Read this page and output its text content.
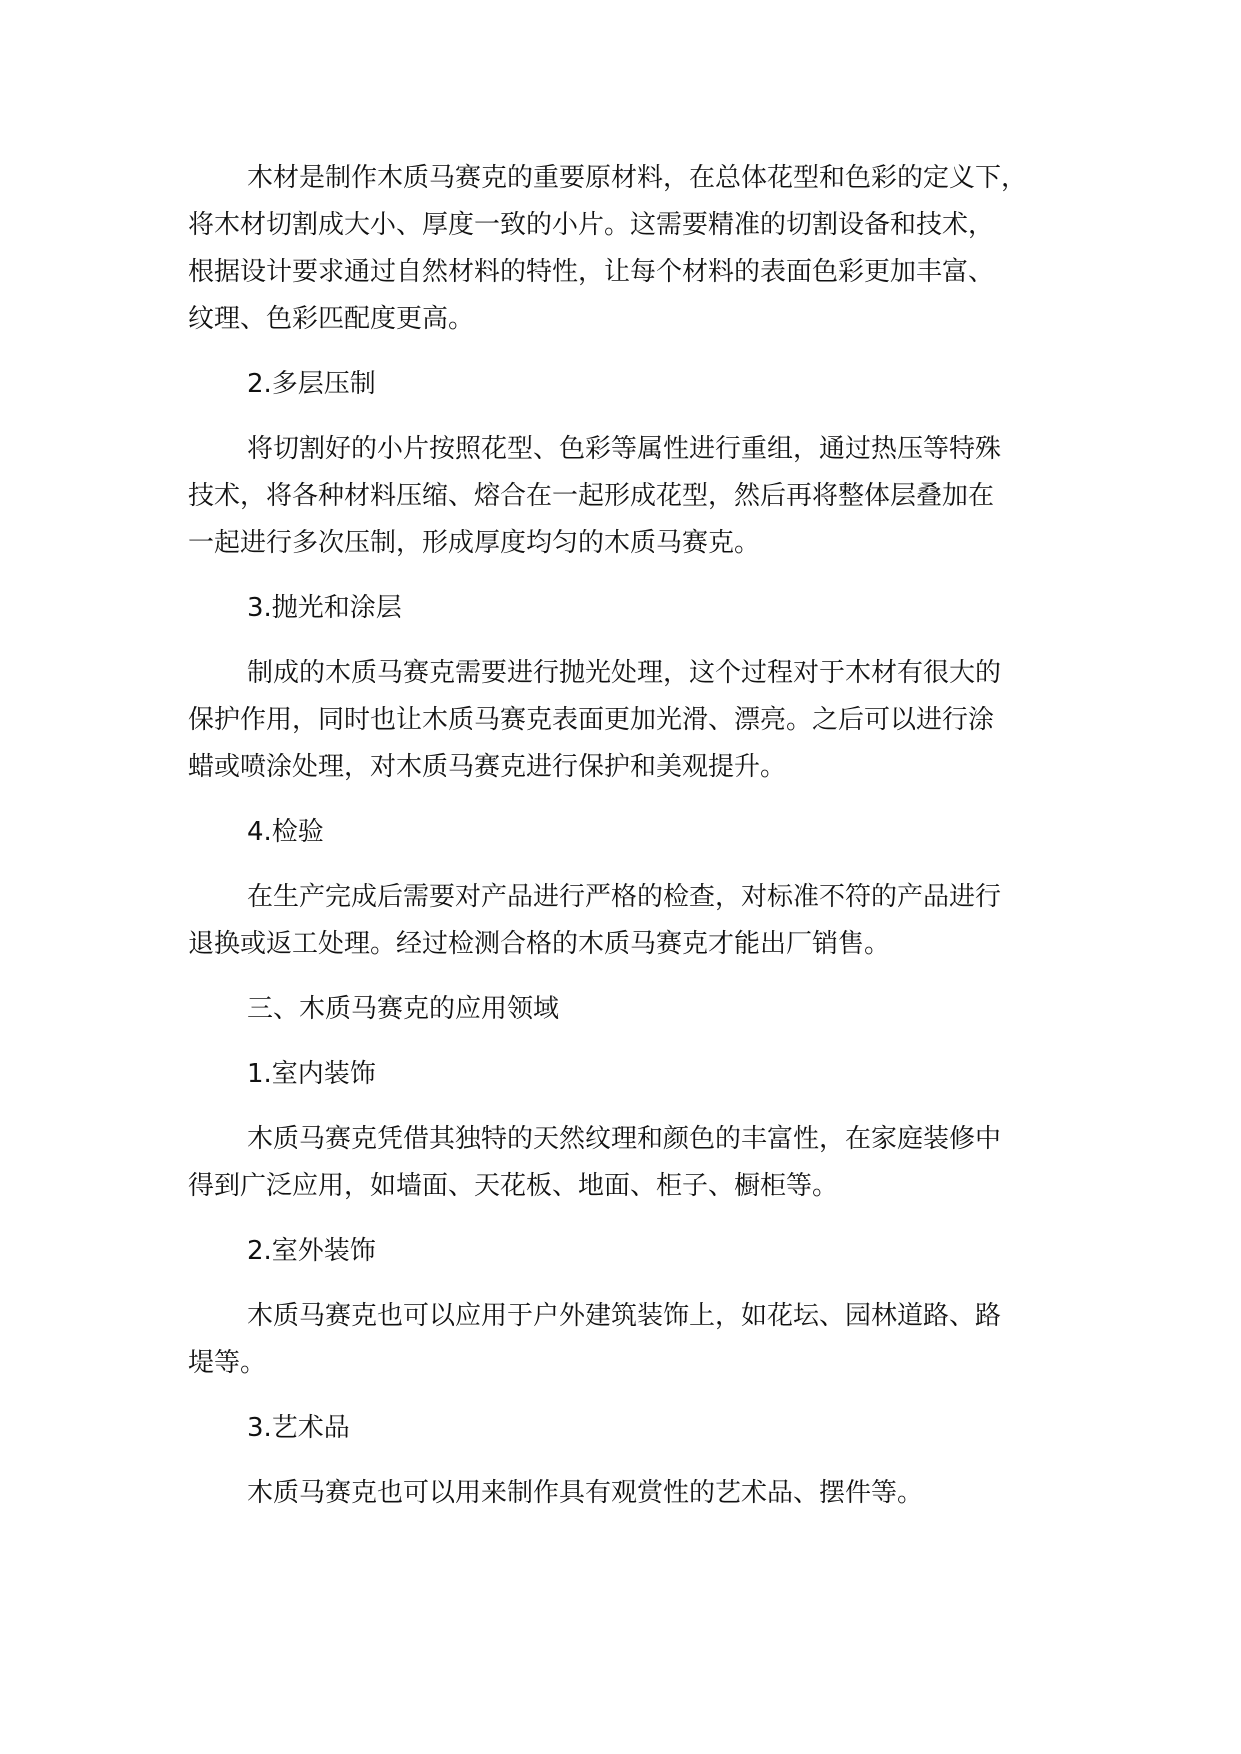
木材是制作木质马赛克的重要原材料，在总体花型和色彩的定义下，

将木材切割成大小、厚度一致的小片。这需要精准的切割设备和技术，

根据设计要求通过自然材料的特性，让每个材料的表面色彩更加丰富、

纹理、色彩匹配度更高。

2.多层压制

将切割好的小片按照花型、色彩等属性进行重组，通过热压等特殊

技术，将各种材料压缩、熔合在一起形成花型，然后再将整体层叠加在

一起进行多次压制，形成厚度均匀的木质马赛克。

3.抛光和涂层

制成的木质马赛克需要进行抛光处理，这个过程对于木材有很大的

保护作用，同时也让木质马赛克表面更加光滑、漂亮。之后可以进行涂

蜡或喷涂处理，对木质马赛克进行保护和美观提升。

4.检验

在生产完成后需要对产品进行严格的检查，对标准不符的产品进行

退换或返工处理。经过检测合格的木质马赛克才能出厂销售。

三、木质马赛克的应用领域

1.室内装饰

木质马赛克凭借其独特的天然纹理和颜色的丰富性，在家庭装修中

得到广泛应用，如墙面、天花板、地面、柜子、橱柜等。

2.室外装饰

木质马赛克也可以应用于户外建筑装饰上，如花坛、园林道路、路

堤等。

3.艺术品

木质马赛克也可以用来制作具有观赏性的艺术品、摆件等。
